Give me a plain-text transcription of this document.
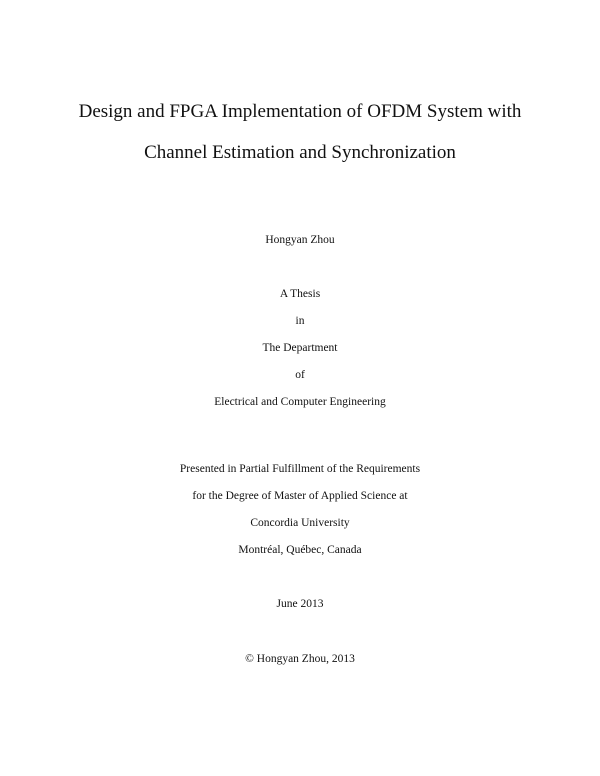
Design and FPGA Implementation of OFDM System with
Channel Estimation and Synchronization
Hongyan Zhou
A Thesis
in
The Department
of
Electrical and Computer Engineering
Presented in Partial Fulfillment of the Requirements
for the Degree of Master of Applied Science at
Concordia University
Montréal, Québec, Canada
June 2013
© Hongyan Zhou, 2013
